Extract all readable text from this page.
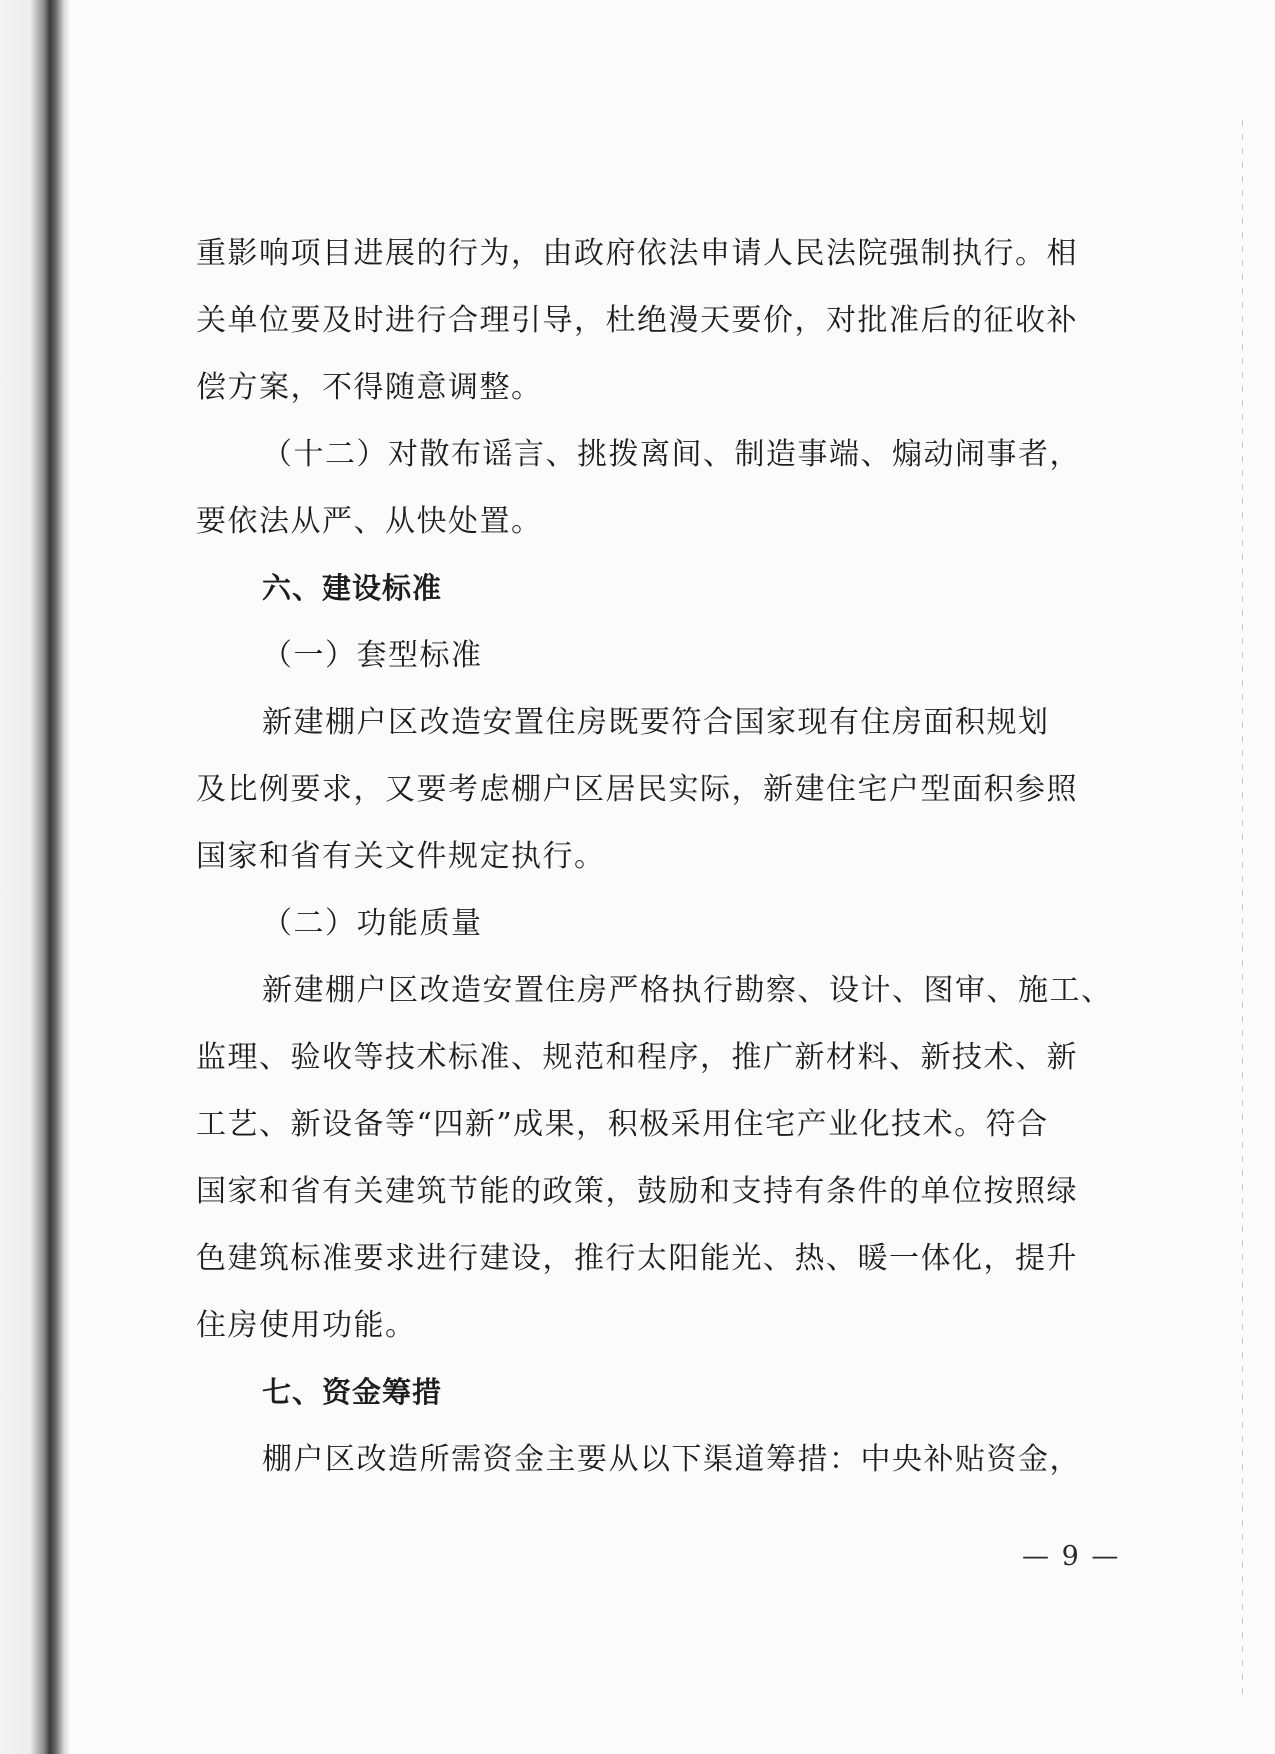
重影响项目进展的行为，由政府依法申请人民法院强制执行。相
关单位要及时进行合理引导，杜绝漫天要价，对批准后的征收补
偿方案，不得随意调整。
（十二）对散布谣言、挑拨离间、制造事端、煽动闹事者，
要依法从严、从快处置。
六、建设标准
（一）套型标准
新建棚户区改造安置住房既要符合国家现有住房面积规划
及比例要求，又要考虑棚户区居民实际，新建住宅户型面积参照
国家和省有关文件规定执行。
（二）功能质量
新建棚户区改造安置住房严格执行勘察、设计、图审、施工、
监理、验收等技术标准、规范和程序，推广新材料、新技术、新
工艺、新设备等“四新”成果，积极采用住宅产业化技术。符合
国家和省有关建筑节能的政策，鼓励和支持有条件的单位按照绿
色建筑标准要求进行建设，推行太阳能光、热、暖一体化，提升
住房使用功能。
七、资金筹措
棚户区改造所需资金主要从以下渠道筹措：中央补贴资金，
— 9 —
